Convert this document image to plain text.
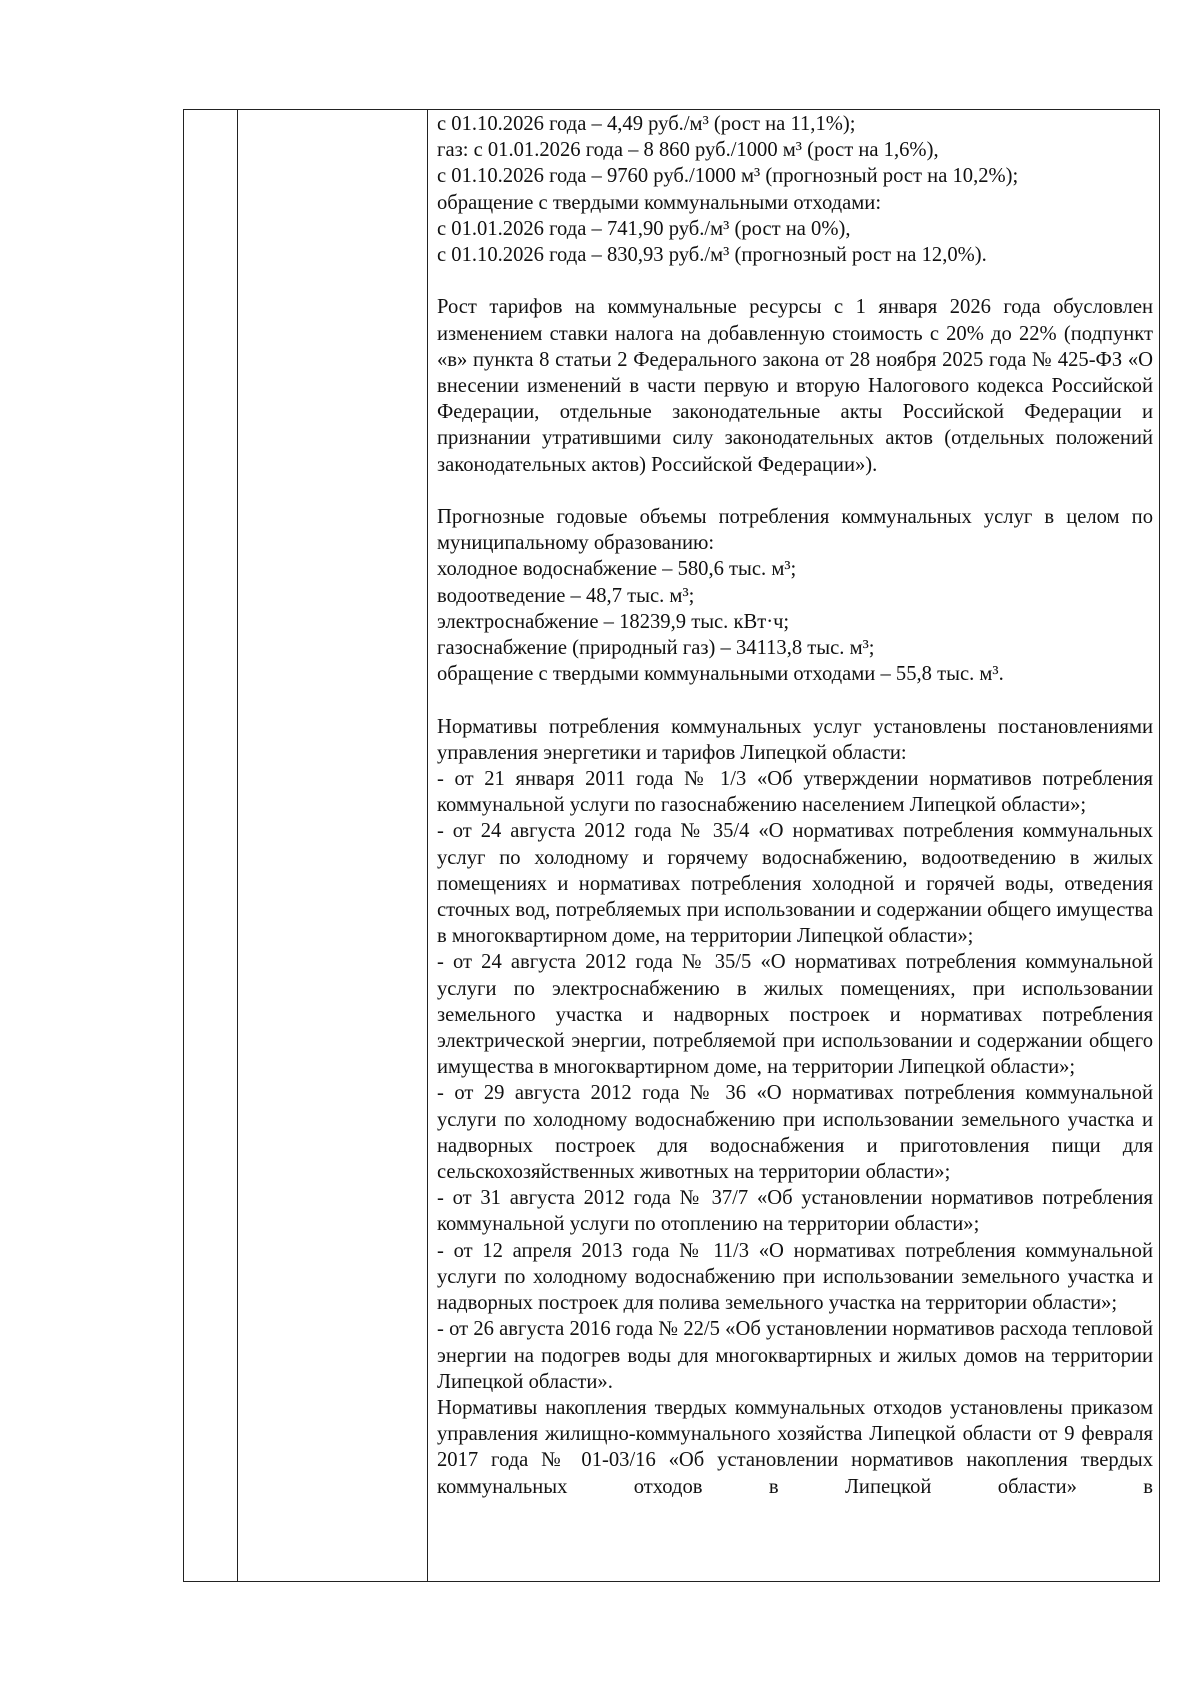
с 01.10.2026 года – 4,49 руб./м³ (рост на 11,1%);

газ: с 01.01.2026 года – 8 860 руб./1000 м³ (рост на 1,6%),

с 01.10.2026 года – 9760 руб./1000 м³ (прогнозный рост на 10,2%);

обращение с твердыми коммунальными отходами:

с 01.01.2026 года – 741,90 руб./м³ (рост на 0%),

с 01.10.2026 года – 830,93 руб./м³ (прогнозный рост на 12,0%).

Рост тарифов на коммунальные ресурсы с 1 января 2026 года обусловлен изменением ставки налога на добавленную стоимость с 20% до 22% (подпункт «в» пункта 8 статьи 2 Федерального закона от 28 ноября 2025 года № 425-ФЗ «О внесении изменений в части первую и вторую Налогового кодекса Российской Федерации, отдельные законодательные акты Российской Федерации и признании утратившими силу законодательных актов (отдельных положений законодательных актов) Российской Федерации»).

Прогнозные годовые объемы потребления коммунальных услуг в целом по муниципальному образованию:

холодное водоснабжение – 580,6 тыс. м³;

водоотведение – 48,7 тыс. м³;

электроснабжение – 18239,9 тыс. кВт·ч;

газоснабжение (природный газ) – 34113,8 тыс. м³;

обращение с твердыми коммунальными отходами – 55,8 тыс. м³.

Нормативы потребления коммунальных услуг установлены постановлениями управления энергетики и тарифов Липецкой области:

- от 21 января 2011 года № 1/3 «Об утверждении нормативов потребления коммунальной услуги по газоснабжению населением Липецкой области»;

- от 24 августа 2012 года № 35/4 «О нормативах потребления коммунальных услуг по холодному и горячему водоснабжению, водоотведению в жилых помещениях и нормативах потребления холодной и горячей воды, отведения сточных вод, потребляемых при использовании и содержании общего имущества в многоквартирном доме, на территории Липецкой области»;

- от 24 августа 2012 года № 35/5 «О нормативах потребления коммунальной услуги по электроснабжению в жилых помещениях, при использовании земельного участка и надворных построек и нормативах потребления электрической энергии, потребляемой при использовании и содержании общего имущества в многоквартирном доме, на территории Липецкой области»;

- от 29 августа 2012 года № 36 «О нормативах потребления коммунальной услуги по холодному водоснабжению при использовании земельного участка и надворных построек для водоснабжения и приготовления пищи для сельскохозяйственных животных на территории области»;

- от 31 августа 2012 года № 37/7 «Об установлении нормативов потребления коммунальной услуги по отоплению на территории области»;

- от 12 апреля 2013 года № 11/3 «О нормативах потребления коммунальной услуги по холодному водоснабжению при использовании земельного участка и надворных построек для полива земельного участка на территории области»;

- от 26 августа 2016 года № 22/5 «Об установлении нормативов расхода тепловой энергии на подогрев воды для многоквартирных и жилых домов на территории Липецкой области».

Нормативы накопления твердых коммунальных отходов установлены приказом управления жилищно-коммунального хозяйства Липецкой области от 9 февраля 2017 года № 01-03/16 «Об установлении нормативов накопления твердых коммунальных отходов в Липецкой области» в
